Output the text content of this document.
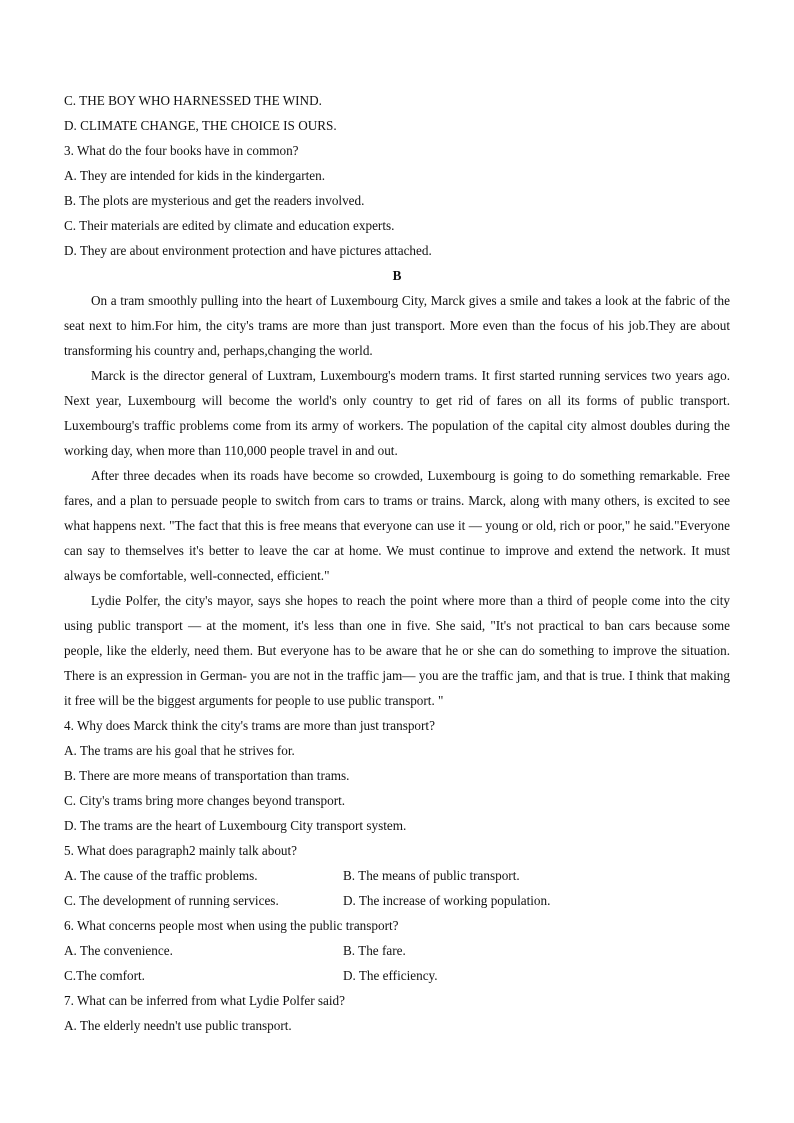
C. THE BOY WHO HARNESSED THE WIND.
D. CLIMATE CHANGE, THE CHOICE IS OURS.
3. What do the four books have in common?
A. They are intended for kids in the kindergarten.
B. The plots are mysterious and get the readers involved.
C. Their materials are edited by climate and education experts.
D. They are about environment protection and have pictures attached.
B
On a tram smoothly pulling into the heart of Luxembourg City, Marck gives a smile and takes a look at the fabric of the seat next to him.For him, the city's trams are more than just transport. More even than the focus of his job.They are about transforming his country and, perhaps,changing the world.
Marck is the director general of Luxtram, Luxembourg's modern trams. It first started running services two years ago. Next year, Luxembourg will become the world's only country to get rid of fares on all its forms of public transport. Luxembourg's traffic problems come from its army of workers. The population of the capital city almost doubles during the working day, when more than 110,000 people travel in and out.
After three decades when its roads have become so crowded, Luxembourg is going to do something remarkable. Free fares, and a plan to persuade people to switch from cars to trams or trains. Marck, along with many others, is excited to see what happens next. "The fact that this is free means that everyone can use it — young or old, rich or poor," he said."Everyone can say to themselves it's better to leave the car at home. We must continue to improve and extend the network. It must always be comfortable, well-connected, efficient."
Lydie Polfer, the city's mayor, says she hopes to reach the point where more than a third of people come into the city using public transport — at the moment, it's less than one in five. She said, "It's not practical to ban cars because some people, like the elderly, need them. But everyone has to be aware that he or she can do something to improve the situation. There is an expression in German- you are not in the traffic jam— you are the traffic jam, and that is true. I think that making it free will be the biggest arguments for people to use public transport. "
4. Why does Marck think the city's trams are more than just transport?
A. The trams are his goal that he strives for.
B. There are more means of transportation than trams.
C. City's trams bring more changes beyond transport.
D. The trams are the heart of Luxembourg City transport system.
5. What does paragraph2 mainly talk about?
A. The cause of the traffic problems.	B. The means of public transport.
C. The development of running services.	D. The increase of working population.
6. What concerns people most when using the public transport?
A. The convenience.	B. The fare.
C.The comfort.	D. The efficiency.
7. What can be inferred from what Lydie Polfer said?
A. The elderly needn't use public transport.
